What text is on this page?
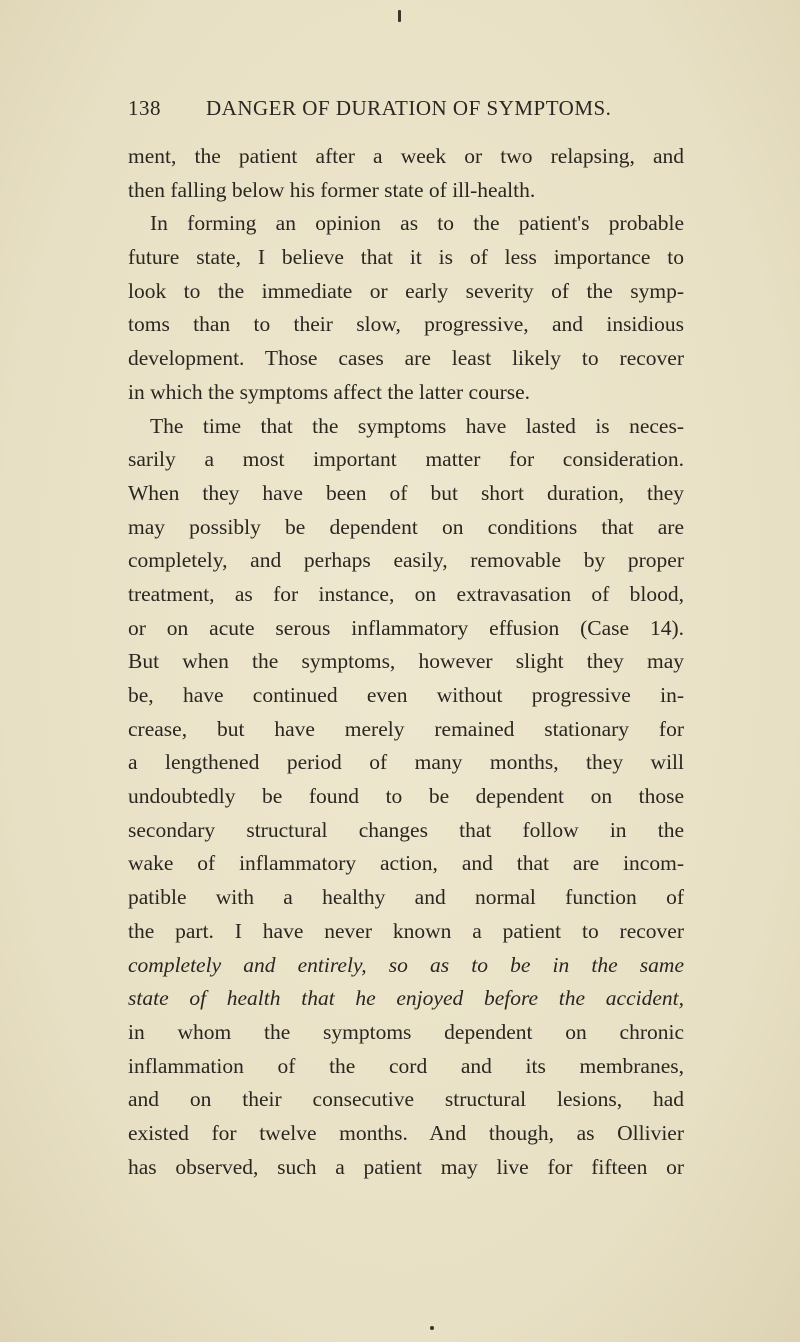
138 DANGER OF DURATION OF SYMPTOMS.
ment, the patient after a week or two relapsing, and
then falling below his former state of ill-health.
In forming an opinion as to the patient's probable
future state, I believe that it is of less importance to
look to the immediate or early severity of the symp-
toms than to their slow, progressive, and insidious
development. Those cases are least likely to recover
in which the symptoms affect the latter course.
The time that the symptoms have lasted is neces-
sarily a most important matter for consideration.
When they have been of but short duration, they
may possibly be dependent on conditions that are
completely, and perhaps easily, removable by proper
treatment, as for instance, on extravasation of blood,
or on acute serous inflammatory effusion (Case 14).
But when the symptoms, however slight they may
be, have continued even without progressive in-
crease, but have merely remained stationary for
a lengthened period of many months, they will
undoubtedly be found to be dependent on those
secondary structural changes that follow in the
wake of inflammatory action, and that are incom-
patible with a healthy and normal function of
the part. I have never known a patient to recover
completely and entirely, so as to be in the same
state of health that he enjoyed before the accident,
in whom the symptoms dependent on chronic
inflammation of the cord and its membranes,
and on their consecutive structural lesions, had
existed for twelve months. And though, as Ollivier
has observed, such a patient may live for fifteen or
